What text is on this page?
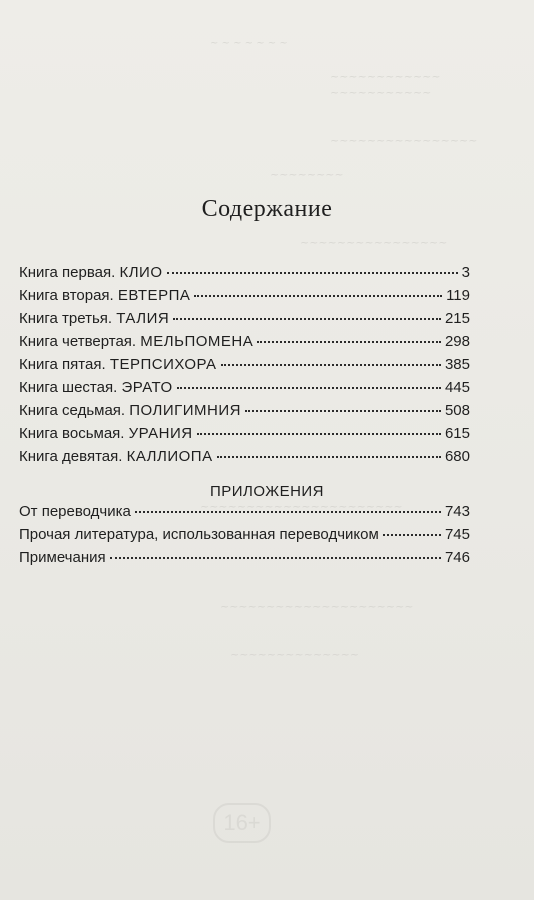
~ ~ ~ ~ ~ ~ ~
~~~~~~~~~~~~
~~~~~~~~~~~
~~~~~~~~~~~~~~~~
~~~~~~~~
~~~~~~~~~~~~~~~~
~~~~~~~~~~~~~~~~~~~~~~
~~~~~~~~~~~~~~~~~~~~~
~~~~~~~~~~~~~~
16+
Содержание
Книга первая. КЛИО	3
Книга вторая. ЕВТЕРПА	119
Книга третья. ТАЛИЯ	215
Книга четвертая. МЕЛЬПОМЕНА	298
Книга пятая. ТЕРПСИХОРА	385
Книга шестая. ЭРАТО	445
Книга седьмая. ПОЛИГИМНИЯ	508
Книга восьмая. УРАНИЯ	615
Книга девятая. КАЛЛИОПА	680
ПРИЛОЖЕНИЯ
От переводчика	743
Прочая литература, использованная переводчиком	745
Примечания	746
